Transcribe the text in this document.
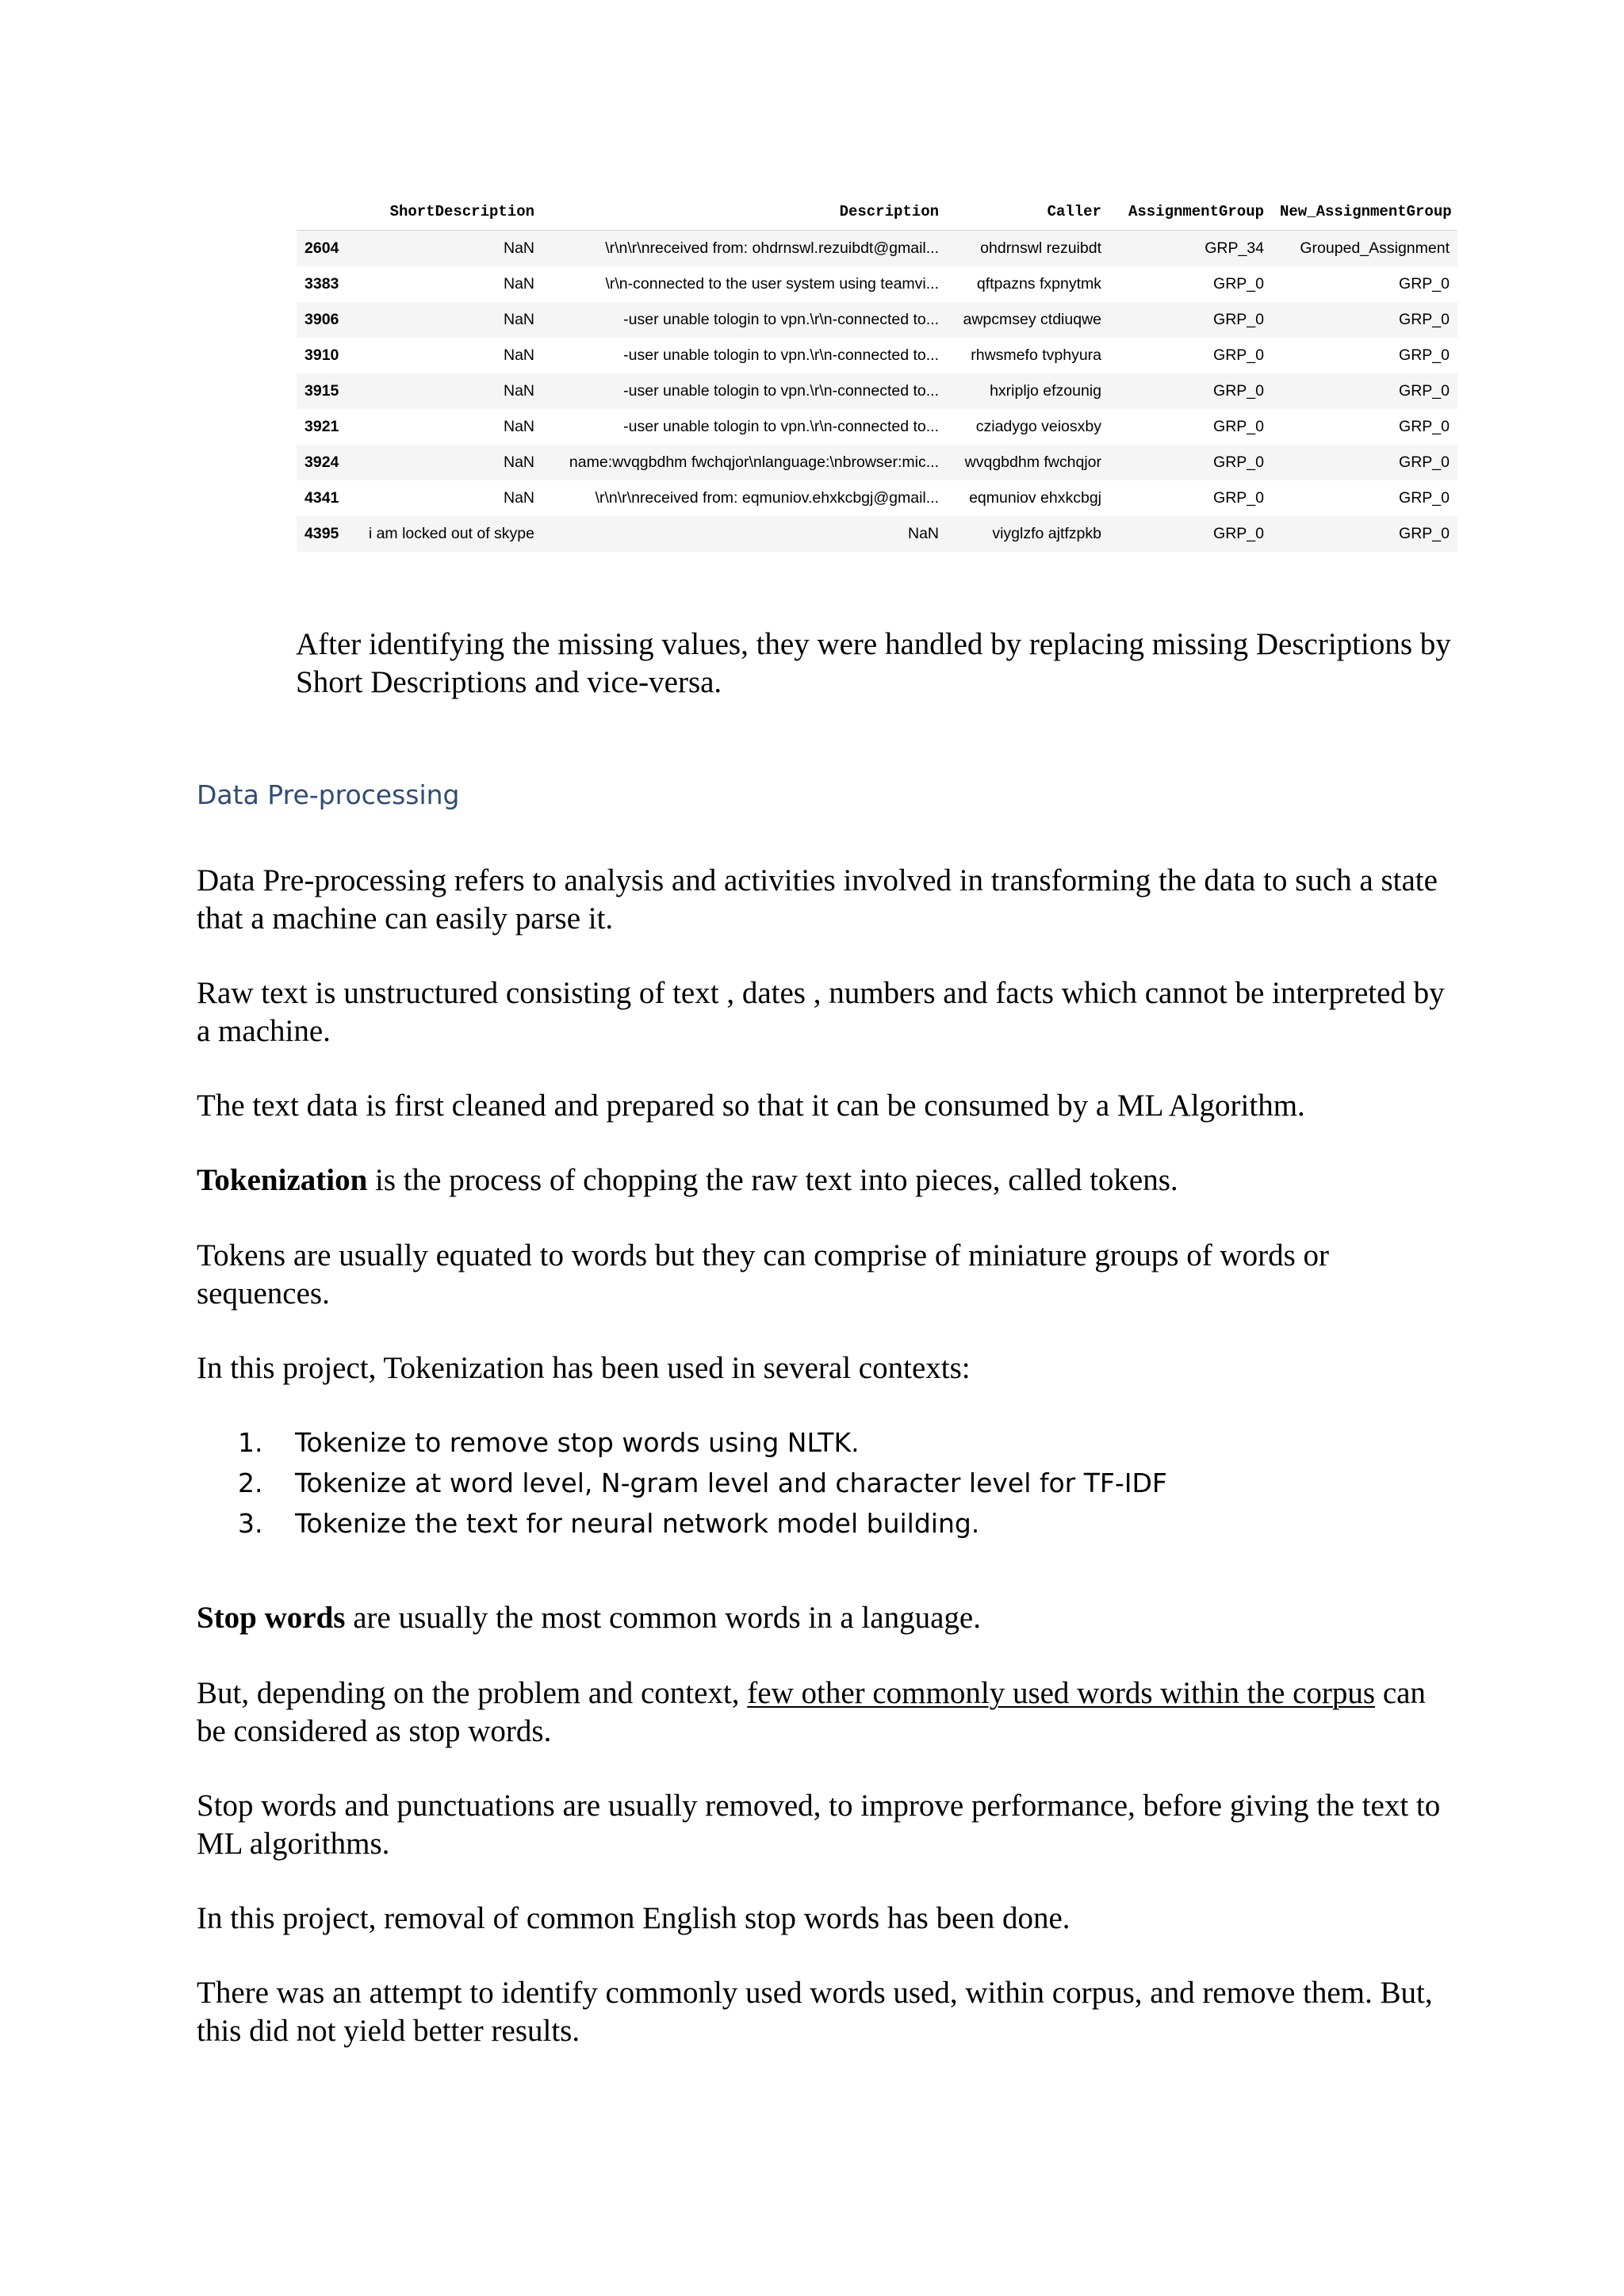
	ShortDescription	Description	Caller	AssignmentGroup	New_AssignmentGroup
2604	NaN	\r\n\r\nreceived from: ohdrnswl.rezuibdt@gmail...	ohdrnswl rezuibdt	GRP_34	Grouped_Assignment
3383	NaN	\r\n-connected to the user system using teamvi...	qftpazns fxpnytmk	GRP_0	GRP_0
3906	NaN	-user unable tologin to vpn.\r\n-connected to...	awpcmsey ctdiuqwe	GRP_0	GRP_0
3910	NaN	-user unable tologin to vpn.\r\n-connected to...	rhwsmefo tvphyura	GRP_0	GRP_0
3915	NaN	-user unable tologin to vpn.\r\n-connected to...	hxripljo efzounig	GRP_0	GRP_0
3921	NaN	-user unable tologin to vpn.\r\n-connected to...	cziadygo veiosxby	GRP_0	GRP_0
3924	NaN	name:wvqgbdhm fwchqjor\nlanguage:\nbrowser:mic...	wvqgbdhm fwchqjor	GRP_0	GRP_0
4341	NaN	\r\n\r\nreceived from: eqmuniov.ehxkcbgj@gmail...	eqmuniov ehxkcbgj	GRP_0	GRP_0
4395	i am locked out of skype	NaN	viyglzfo ajtfzpkb	GRP_0	GRP_0

After identifying the missing values, they were handled by replacing missing Descriptions by Short Descriptions and vice-versa.

Data Pre-processing

Data Pre-processing refers to analysis and activities involved in transforming the data to such a state that a machine can easily parse it.

Raw text is unstructured consisting of text , dates , numbers and facts which cannot be interpreted by a machine.

The text data is first cleaned and prepared so that it can be consumed by a ML Algorithm.

Tokenization is the process of chopping the raw text into pieces, called tokens.

Tokens are usually equated to words but they can comprise of miniature groups of words or sequences.

In this project, Tokenization has been used in several contexts:

1.	Tokenize to remove stop words using NLTK.
2.	Tokenize at word level, N-gram level and character level for TF-IDF
3.	Tokenize the text for neural network model building.

Stop words are usually the most common words in a language.

But, depending on the problem and context, few other commonly used words within the corpus can be considered as stop words.

Stop words and punctuations are usually removed, to improve performance, before giving the text to ML algorithms.

In this project, removal of common English stop words has been done.

There was an attempt to identify commonly used words used, within corpus, and remove them. But, this did not yield better results.
